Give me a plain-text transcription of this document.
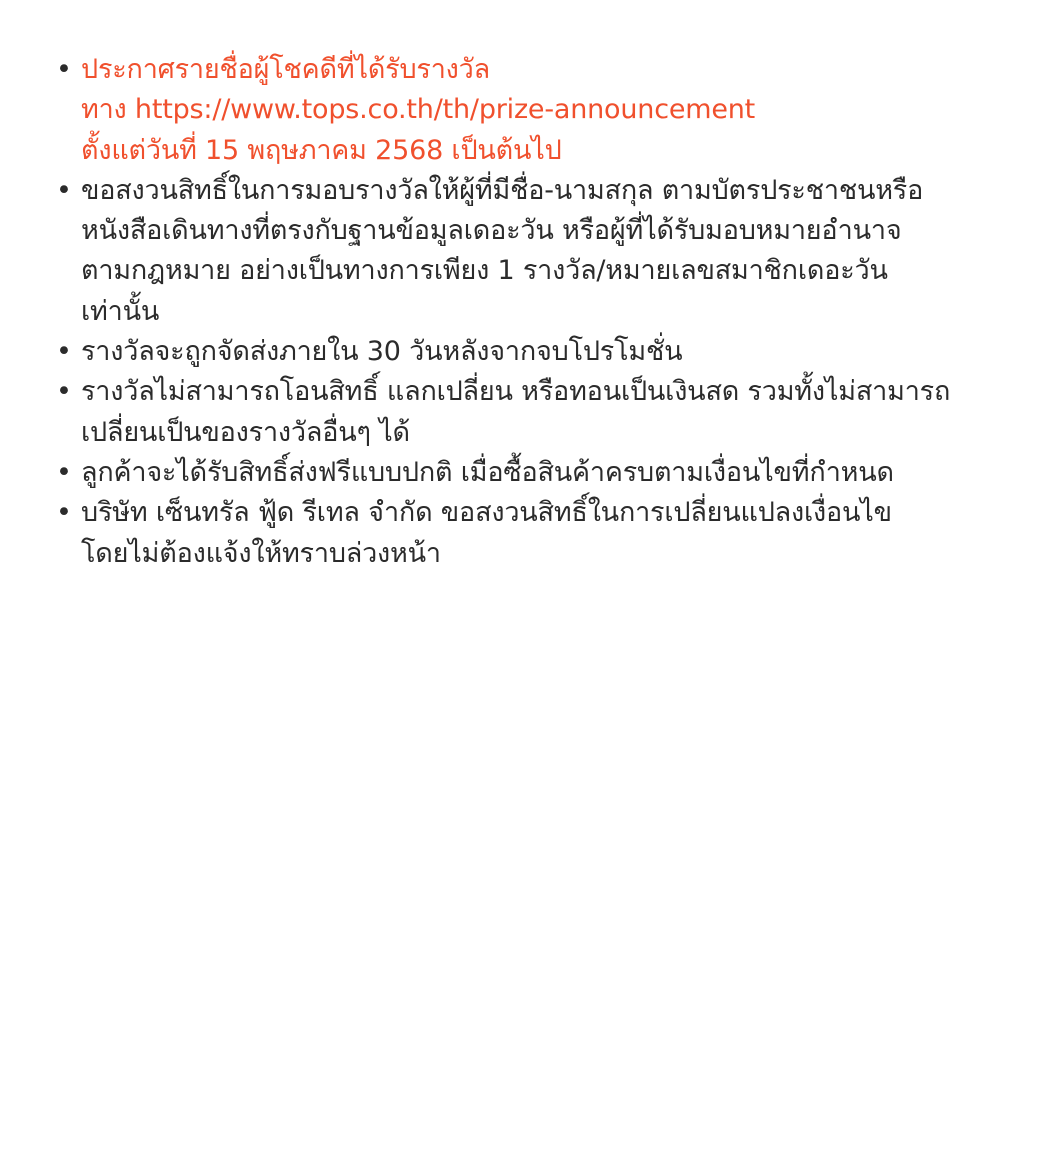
• ประกาศรายชื่อผู้โชคดีที่ได้รับรางวัล
ทาง https://www.tops.co.th/th/prize-announcement
ตั้งแต่วันที่ 15 พฤษภาคม 2568 เป็นต้นไป
• ขอสงวนสิทธิ์ในการมอบรางวัลให้ผู้ที่มีชื่อ-นามสกุล ตามบัตรประชาชนหรือ
หนังสือเดินทางที่ตรงกับฐานข้อมูลเดอะวัน หรือผู้ที่ได้รับมอบหมายอำนาจ
ตามกฎหมาย อย่างเป็นทางการเพียง 1 รางวัล/หมายเลขสมาชิกเดอะวัน
เท่านั้น
• รางวัลจะถูกจัดส่งภายใน 30 วันหลังจากจบโปรโมชั่น
• รางวัลไม่สามารถโอนสิทธิ์ แลกเปลี่ยน หรือทอนเป็นเงินสด รวมทั้งไม่สามารถ
เปลี่ยนเป็นของรางวัลอื่นๆ ได้
• ลูกค้าจะได้รับสิทธิ์ส่งฟรีแบบปกติ เมื่อซื้อสินค้าครบตามเงื่อนไขที่กำหนด
• บริษัท เซ็นทรัล ฟู้ด รีเทล จำกัด ขอสงวนสิทธิ์ในการเปลี่ยนแปลงเงื่อนไข
โดยไม่ต้องแจ้งให้ทราบล่วงหน้า
